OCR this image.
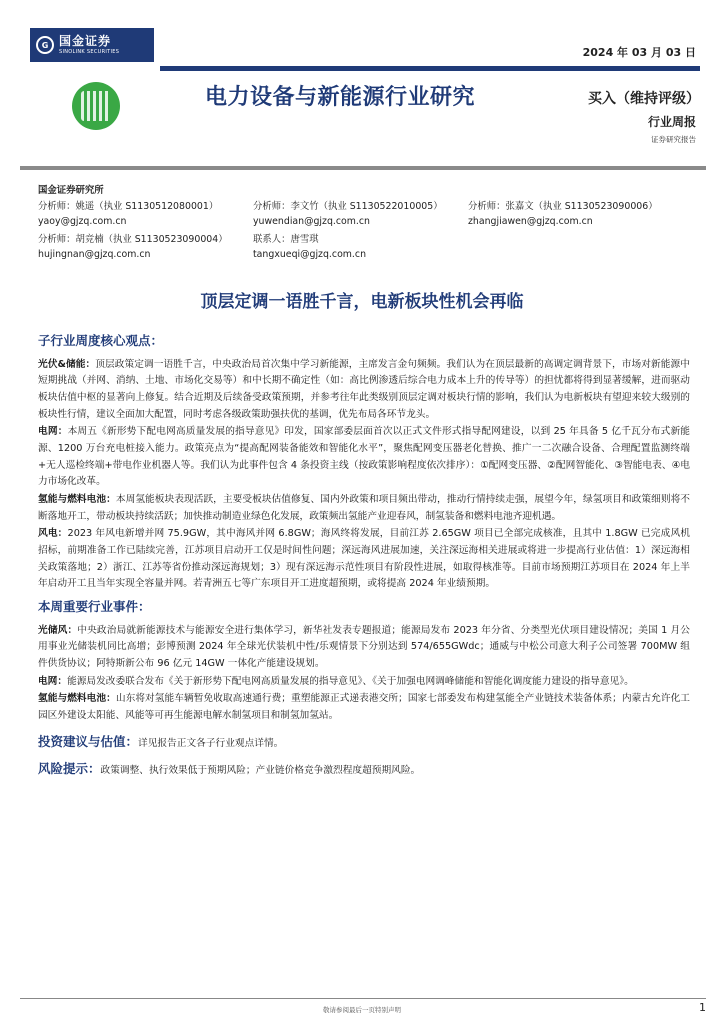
G 国金证券
SINOLINK SECURITIES	2024 年 03 月 03 日
电力设备与新能源行业研究	买入（维持评级）
行业周报
证券研究报告
国金证券研究所
分析师：姚遥（执业 S1130512080001）
yaoy@gjzq.com.cn
分析师：李文竹（执业 S1130522010005）
yuwendian@gjzq.com.cn
分析师：张嘉文（执业 S1130523090006）
zhangjiawen@gjzq.com.cn
分析师：胡竞楠（执业 S1130523090004）
hujingnan@gjzq.com.cn
联系人：唐雪琪
tangxueqi@gjzq.com.cn
顶层定调一语胜千言，电新板块性机会再临
子行业周度核心观点：

光伏&储能：顶层政策定调一语胜千言，中央政治局首次集中学习新能源，主席发言金句频频。我们认为在顶层最新的高调定调背景下，市场对新能源中短期挑战（并网、消纳、土地、市场化交易等）和中长期不确定性（如：高比例渗透后综合电力成本上升的传导等）的担忧都将得到显著缓解，进而驱动板块估值中枢的显著向上修复。结合近期及后续备受政策预期，并参考往年此类级别顶层定调对板块行情的影响，我们认为电新板块有望迎来较大级别的板块性行情，建议全面加大配置，同时考虑各级政策助强扶优的基调，优先布局各环节龙头。

电网：本周五《新形势下配电网高质量发展的指导意见》印发，国家部委层面首次以正式文件形式指导配网建设，以到 25 年具备 5 亿千瓦分布式新能源、1200 万台充电桩接入能力。政策亮点为“提高配网装备能效和智能化水平”，聚焦配网变压器老化替换、推广一二次融合设备、合理配置监测终端+无人巡检终端+带电作业机器人等。我们认为此事件包含 4 条投资主线（按政策影响程度依次排序）：①配网变压器、②配网智能化、③智能电表、④电力市场化改革。

氢能与燃料电池：本周氢能板块表现活跃，主要受板块估值修复、国内外政策和项目频出带动，推动行情持续走强，展望今年，绿氢项目和政策细则将不断落地开工，带动板块持续活跃；加快推动制造业绿色化发展，政策频出氢能产业迎春风，制氢装备和燃料电池齐迎机遇。

风电：2023 年风电新增并网 75.9GW，其中海风并网 6.8GW；海风终将发展，目前江苏 2.65GW 项目已全部完成核准，且其中 1.8GW 已完成风机招标，前期准备工作已陆续完善，江苏项目启动开工仅是时间性问题；深远海风进展加速，关注深远海相关进展或将进一步提高行业估值：1）深远海相关政策落地；2）浙江、江苏等省份推动深远海规划；3）现有深远海示范性项目有阶段性进展，如取得核准等。目前市场预期江苏项目在 2024 年上半年启动开工且当年实现全容量并网。若青洲五七等广东项目开工进度超预期，或将提高 2024 年业绩预期。

本周重要行业事件：

光储风：中央政治局就新能源技术与能源安全进行集体学习，新华社发表专题报道；能源局发布 2023 年分省、分类型光伏项目建设情况；美国 1 月公用事业光储装机同比高增；彭博预测 2024 年全球光伏装机中性/乐观情景下分别达到 574/655GWdc；通威与中松公司意大利子公司签署 700MW 组件供货协议；阿特斯新公布 96 亿元 14GW 一体化产能建设规划。

电网：能源局发改委联合发布《关于新形势下配电网高质量发展的指导意见》、《关于加强电网调峰储能和智能化调度能力建设的指导意见》。

氢能与燃料电池：山东将对氢能车辆暂免收取高速通行费；重塑能源正式递表港交所；国家七部委发布构建氢能全产业链技术装备体系；内蒙古允许化工园区外建设太阳能、风能等可再生能源电解水制氢项目和制氢加氢站。

投资建议与估值：详见报告正文各子行业观点详情。

风险提示：政策调整、执行效果低于预期风险；产业链价格竞争激烈程度超预期风险。

敬请参阅最后一页特别声明	1
